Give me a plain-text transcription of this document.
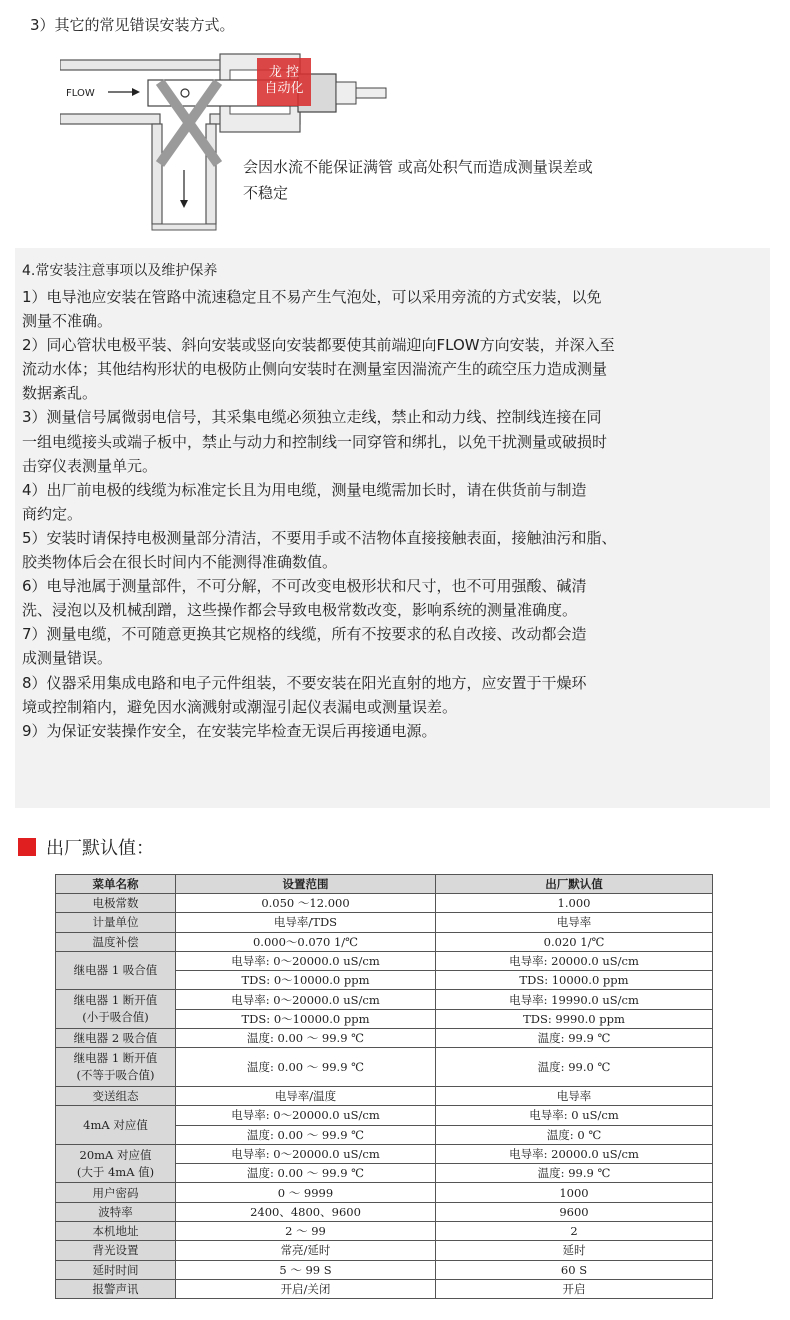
3）其它的常见错误安装方式。
FLOW
龙 控
自动化
会因水流不能保证满管 或高处积气而造成测量误差或
不稳定
4.常安装注意事项以及维护保养
1）电导池应安装在管路中流速稳定且不易产生气泡处，可以采用旁流的方式安装，以免
测量不准确。
2）同心管状电极平装、斜向安装或竖向安装都要使其前端迎向FLOW方向安装，并深入至
流动水体；其他结构形状的电极防止侧向安装时在测量室因湍流产生的疏空压力造成测量
数据紊乱。
3）测量信号属微弱电信号，其采集电缆必须独立走线，禁止和动力线、控制线连接在同
一组电缆接头或端子板中，禁止与动力和控制线一同穿管和绑扎，以免干扰测量或破损时
击穿仪表测量单元。
4）出厂前电极的线缆为标准定长且为用电缆，测量电缆需加长时，请在供货前与制造
商约定。
5）安装时请保持电极测量部分清洁，不要用手或不洁物体直接接触表面，接触油污和脂、
胶类物体后会在很长时间内不能测得准确数值。
6）电导池属于测量部件，不可分解，不可改变电极形状和尺寸，也不可用强酸、碱清
洗、浸泡以及机械刮蹭，这些操作都会导致电极常数改变，影响系统的测量准确度。
7）测量电缆，不可随意更换其它规格的线缆，所有不按要求的私自改接、改动都会造
成测量错误。
8）仪器采用集成电路和电子元件组装，不要安装在阳光直射的地方，应安置于干燥环
境或控制箱内，避免因水滴溅射或潮湿引起仪表漏电或测量误差。
9）为保证安装操作安全，在安装完毕检查无误后再接通电源。
出厂默认值：
菜单名称	设置范围	出厂默认值
电极常数	0.050 ～12.000	1.000
计量单位	电导率/TDS	电导率
温度补偿	0.000～0.070 1/℃	0.020 1/℃
继电器 1 吸合值	电导率: 0～20000.0 uS/cm	电导率: 20000.0 uS/cm
	TDS: 0～10000.0 ppm	TDS: 10000.0 ppm

继电器 1 断开值
(小于吸合值)	电导率: 0～20000.0 uS/cm	电导率: 19990.0 uS/cm
	TDS: 0～10000.0 ppm	TDS: 9990.0 ppm
继电器 2 吸合值	温度: 0.00 ～ 99.9 ℃	温度: 99.9 ℃

继电器 1 断开值
(不等于吸合值)	温度: 0.00 ～ 99.9 ℃	温度: 99.0 ℃
变送组态	电导率/温度	电导率
4mA 对应值	电导率: 0～20000.0 uS/cm	电导率: 0 uS/cm
	温度: 0.00 ～ 99.9 ℃	温度: 0 ℃

20mA 对应值
(大于 4mA 值)	电导率: 0～20000.0 uS/cm	电导率: 20000.0 uS/cm
	温度: 0.00 ～ 99.9 ℃	温度: 99.9 ℃
用户密码	0 ～ 9999	1000
波特率	2400、4800、9600	9600
本机地址	2 ～ 99	2
背光设置	常亮/延时	延时
延时时间	5 ～ 99 S	60 S
报警声讯	开启/关闭	开启
